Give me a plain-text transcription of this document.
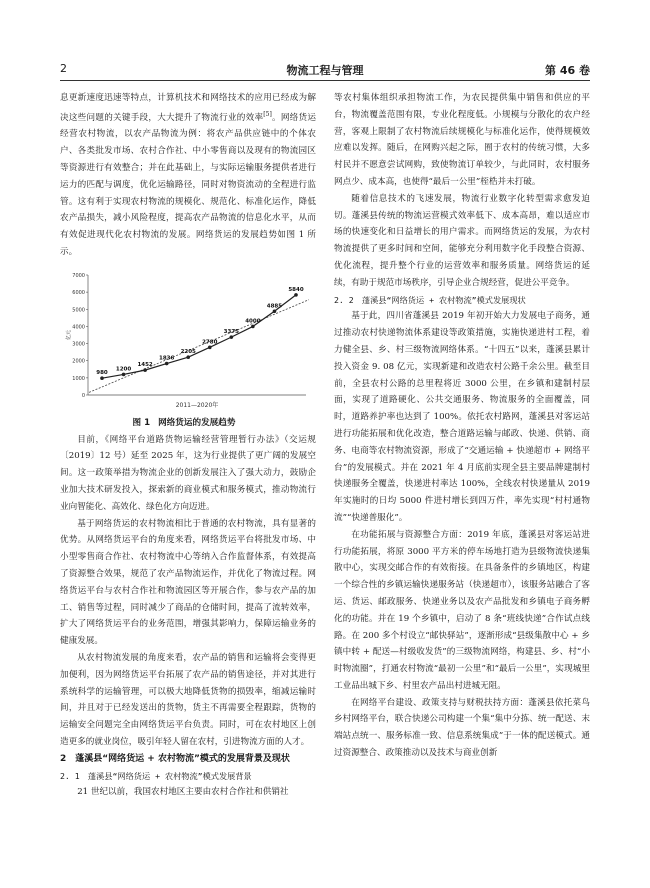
2	物流工程与管理	第 46 卷

息更新速度迅速等特点，计算机技术和网络技术的应用已经成为解决这些问题的关键手段，大大提升了物流行业的效率[5]。网络货运经营农村物流，以农产品物流为例：将农产品供应链中的个体农户、各类批发市场、农村合作社、中小零售商以及现有的物流园区等资源进行有效整合；并在此基础上，与实际运输服务提供者进行运力的匹配与调度，优化运输路径，同时对物资流动的全程进行监管。这有利于实现农村物流的规模化、规范化、标准化运作，降低农产品损失，减小风险程度，提高农产品物流的信息化水平，从而有效促进现代化农村物流的发展。网络货运的发展趋势如图 1 所示。

0
1000
2000
3000
4000
5000
6000
7000
亿元
2011—2020年
980
1200
1452
1836
2205
2780
3375
4000
4885
5840

图 1 网络货运的发展趋势

目前，《网络平台道路货物运输经营管理暂行办法》（交运规〔2019〕12 号）延至 2025 年，这为行业提供了更广阔的发展空间。这一政策举措为物流企业的创新发展注入了强大动力，鼓励企业加大技术研发投入，探索新的商业模式和服务模式，推动物流行业向智能化、高效化、绿色化方向迈进。

基于网络货运的农村物流相比于普通的农村物流，具有显著的优势。从网络货运平台的角度来看，网络货运平台将批发市场、中小型零售商合作社、农村物流中心等纳入合作监督体系，有效提高了资源整合效果，规范了农产品物流运作，并优化了物流过程。网络货运平台与农村合作社和物流园区等开展合作，参与农产品的加工、销售等过程，同时减少了商品的仓储时间，提高了流转效率，扩大了网络货运平台的业务范围，增强其影响力，保障运输业务的健康发展。

从农村物流发展的角度来看，农产品的销售和运输将会变得更加便利，因为网络货运平台拓展了农产品的销售途径，并对其进行系统科学的运输管理，可以极大地降低货物的损毁率，缩减运输时间，并且对于已经发送出的货物，货主不再需要全程跟踪，货物的运输安全问题完全由网络货运平台负责。同时，可在农村地区上创造更多的就业岗位，吸引年轻人留在农村，引进物流方面的人才。

2　蓬溪县“网络货运 + 农村物流”模式的发展背景及现状

2. 1　蓬溪县“网络货运 + 农村物流”模式发展背景

21 世纪以前，我国农村地区主要由农村合作社和供销社

等农村集体组织承担物流工作，为农民提供集中销售和供应的平台，物流覆盖范围有限，专业化程度低。小规模与分散化的农户经营，客观上限制了农村物流后续规模化与标准化运作，使得规模效应难以发挥。随后，在网购兴起之际，囿于农村的传统习惯，大多村民并不愿意尝试网购，致使物流订单较少，与此同时，农村服务网点少、成本高，也使得“最后一公里”桎梏并未打破。

随着信息技术的飞速发展，物流行业数字化转型需求愈发迫切。蓬溪县传统的物流运营模式效率低下、成本高昂，难以适应市场的快速变化和日益增长的用户需求。而网络货运的发展，为农村物流提供了更多时间和空间，能够充分利用数字化手段整合资源、优化流程，提升整个行业的运营效率和服务质量。网络货运的延续，有助于规范市场秩序，引导企业合规经营，促进公平竞争。

2. 2　蓬溪县“网络货运 + 农村物流”模式发展现状

基于此，四川省蓬溪县 2019 年初开始大力发展电子商务，通过推动农村快递物流体系建设等政策措施，实施快递进村工程，着力健全县、乡、村三级物流网络体系。“十四五”以来，蓬溪县累计投入资金 9. 08 亿元，实现新建和改造农村公路千余公里。截至目前，全县农村公路的总里程将近 3000 公里，在乡镇和建制村层面，实现了道路硬化、公共交通服务、物流服务的全面覆盖，同时，道路养护率也达到了 100%。依托农村路网，蓬溪县对客运站进行功能拓展和优化改造，整合道路运输与邮政、快递、供销、商务、电商等农村物流资源，形成了“交通运输 + 快递超市 + 网络平台”的发展模式。并在 2021 年 4 月底前实现全县主要品牌建制村快递服务全覆盖，快递进村率达 100%，全线农村快递量从 2019 年实施时的日均 5000 件进村增长到四万件，率先实现“村村通物流”“快递普服化”。

在功能拓展与资源整合方面：2019 年底，蓬溪县对客运站进行功能拓展，将原 3000 平方米的停车场地打造为县级物流快递集散中心，实现交邮合作的有效衔接。在具备条件的乡镇地区，构建一个综合性的乡镇运输快递服务站（快递超市），该服务站融合了客运、货运、邮政服务、快递业务以及农产品批发和乡镇电子商务孵化的功能。并在 19 个乡镇中，启动了 8 条“班线快递”合作试点线路。在 200 多个村设立“邮快驿站”，逐渐形成“县级集散中心 + 乡镇中转 + 配送—村级收发货”的三级物流网络，构建县、乡、村“小时物流圈”，打通农村物流“最初一公里”和“最后一公里”，实现城里工业品出城下乡、村里农产品出村进城无阻。

在网络平台建设、政策支持与财税扶持方面：蓬溪县依托菜鸟乡村网络平台，联合快递公司构建一个集“集中分拣、统一配送、末端站点统一、服务标准一致、信息系统集成”于一体的配送模式。通过资源整合、政策推动以及技术与商业创新
